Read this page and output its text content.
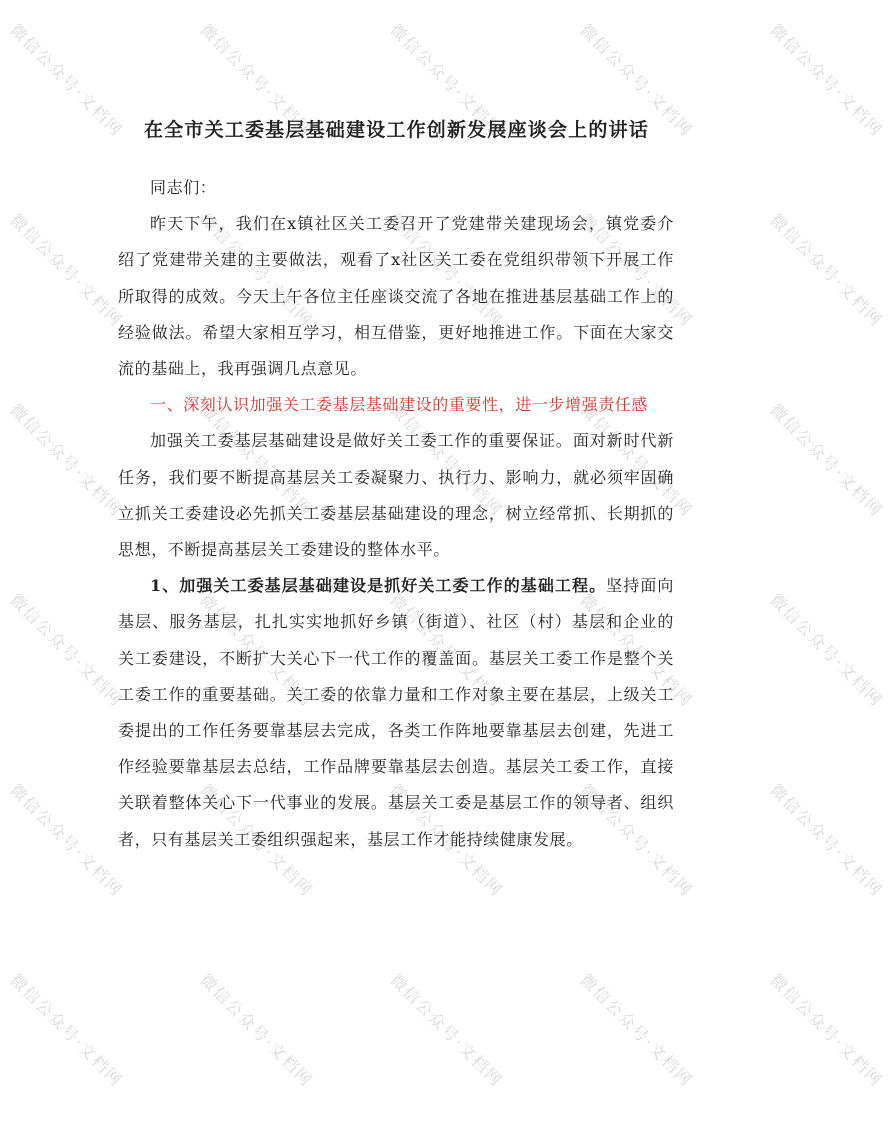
在全市关工委基层基础建设工作创新发展座谈会上的讲话

同志们：

昨天下午，我们在x镇社区关工委召开了党建带关建现场会，镇党委介绍了党建带关建的主要做法，观看了x社区关工委在党组织带领下开展工作所取得的成效。今天上午各位主任座谈交流了各地在推进基层基础工作上的经验做法。希望大家相互学习，相互借鉴，更好地推进工作。下面在大家交流的基础上，我再强调几点意见。

一、深刻认识加强关工委基层基础建设的重要性，进一步增强责任感

加强关工委基层基础建设是做好关工委工作的重要保证。面对新时代新任务，我们要不断提高基层关工委凝聚力、执行力、影响力，就必须牢固确立抓关工委建设必先抓关工委基层基础建设的理念，树立经常抓、长期抓的思想，不断提高基层关工委建设的整体水平。

1、加强关工委基层基础建设是抓好关工委工作的基础工程。坚持面向基层、服务基层，扎扎实实地抓好乡镇（街道）、社区（村）基层和企业的关工委建设，不断扩大关心下一代工作的覆盖面。基层关工委工作是整个关工委工作的重要基础。关工委的依靠力量和工作对象主要在基层，上级关工委提出的工作任务要靠基层去完成，各类工作阵地要靠基层去创建，先进工作经验要靠基层去总结，工作品牌要靠基层去创造。基层关工委工作，直接关联着整体关心下一代事业的发展。基层关工委是基层工作的领导者、组织者，只有基层关工委组织强起来，基层工作才能持续健康发展。

微信公众号·文档网	微信公众号·文档网	微信公众号·文档网	微信公众号·文档网	微信公众号·文档网
微信公众号·文档网	微信公众号·文档网	微信公众号·文档网	微信公众号·文档网	微信公众号·文档网
微信公众号·文档网	微信公众号·文档网	微信公众号·文档网	微信公众号·文档网	微信公众号·文档网
微信公众号·文档网	微信公众号·文档网	微信公众号·文档网	微信公众号·文档网	微信公众号·文档网
微信公众号·文档网	微信公众号·文档网	微信公众号·文档网	微信公众号·文档网	微信公众号·文档网
微信公众号·文档网	微信公众号·文档网	微信公众号·文档网	微信公众号·文档网	微信公众号·文档网
